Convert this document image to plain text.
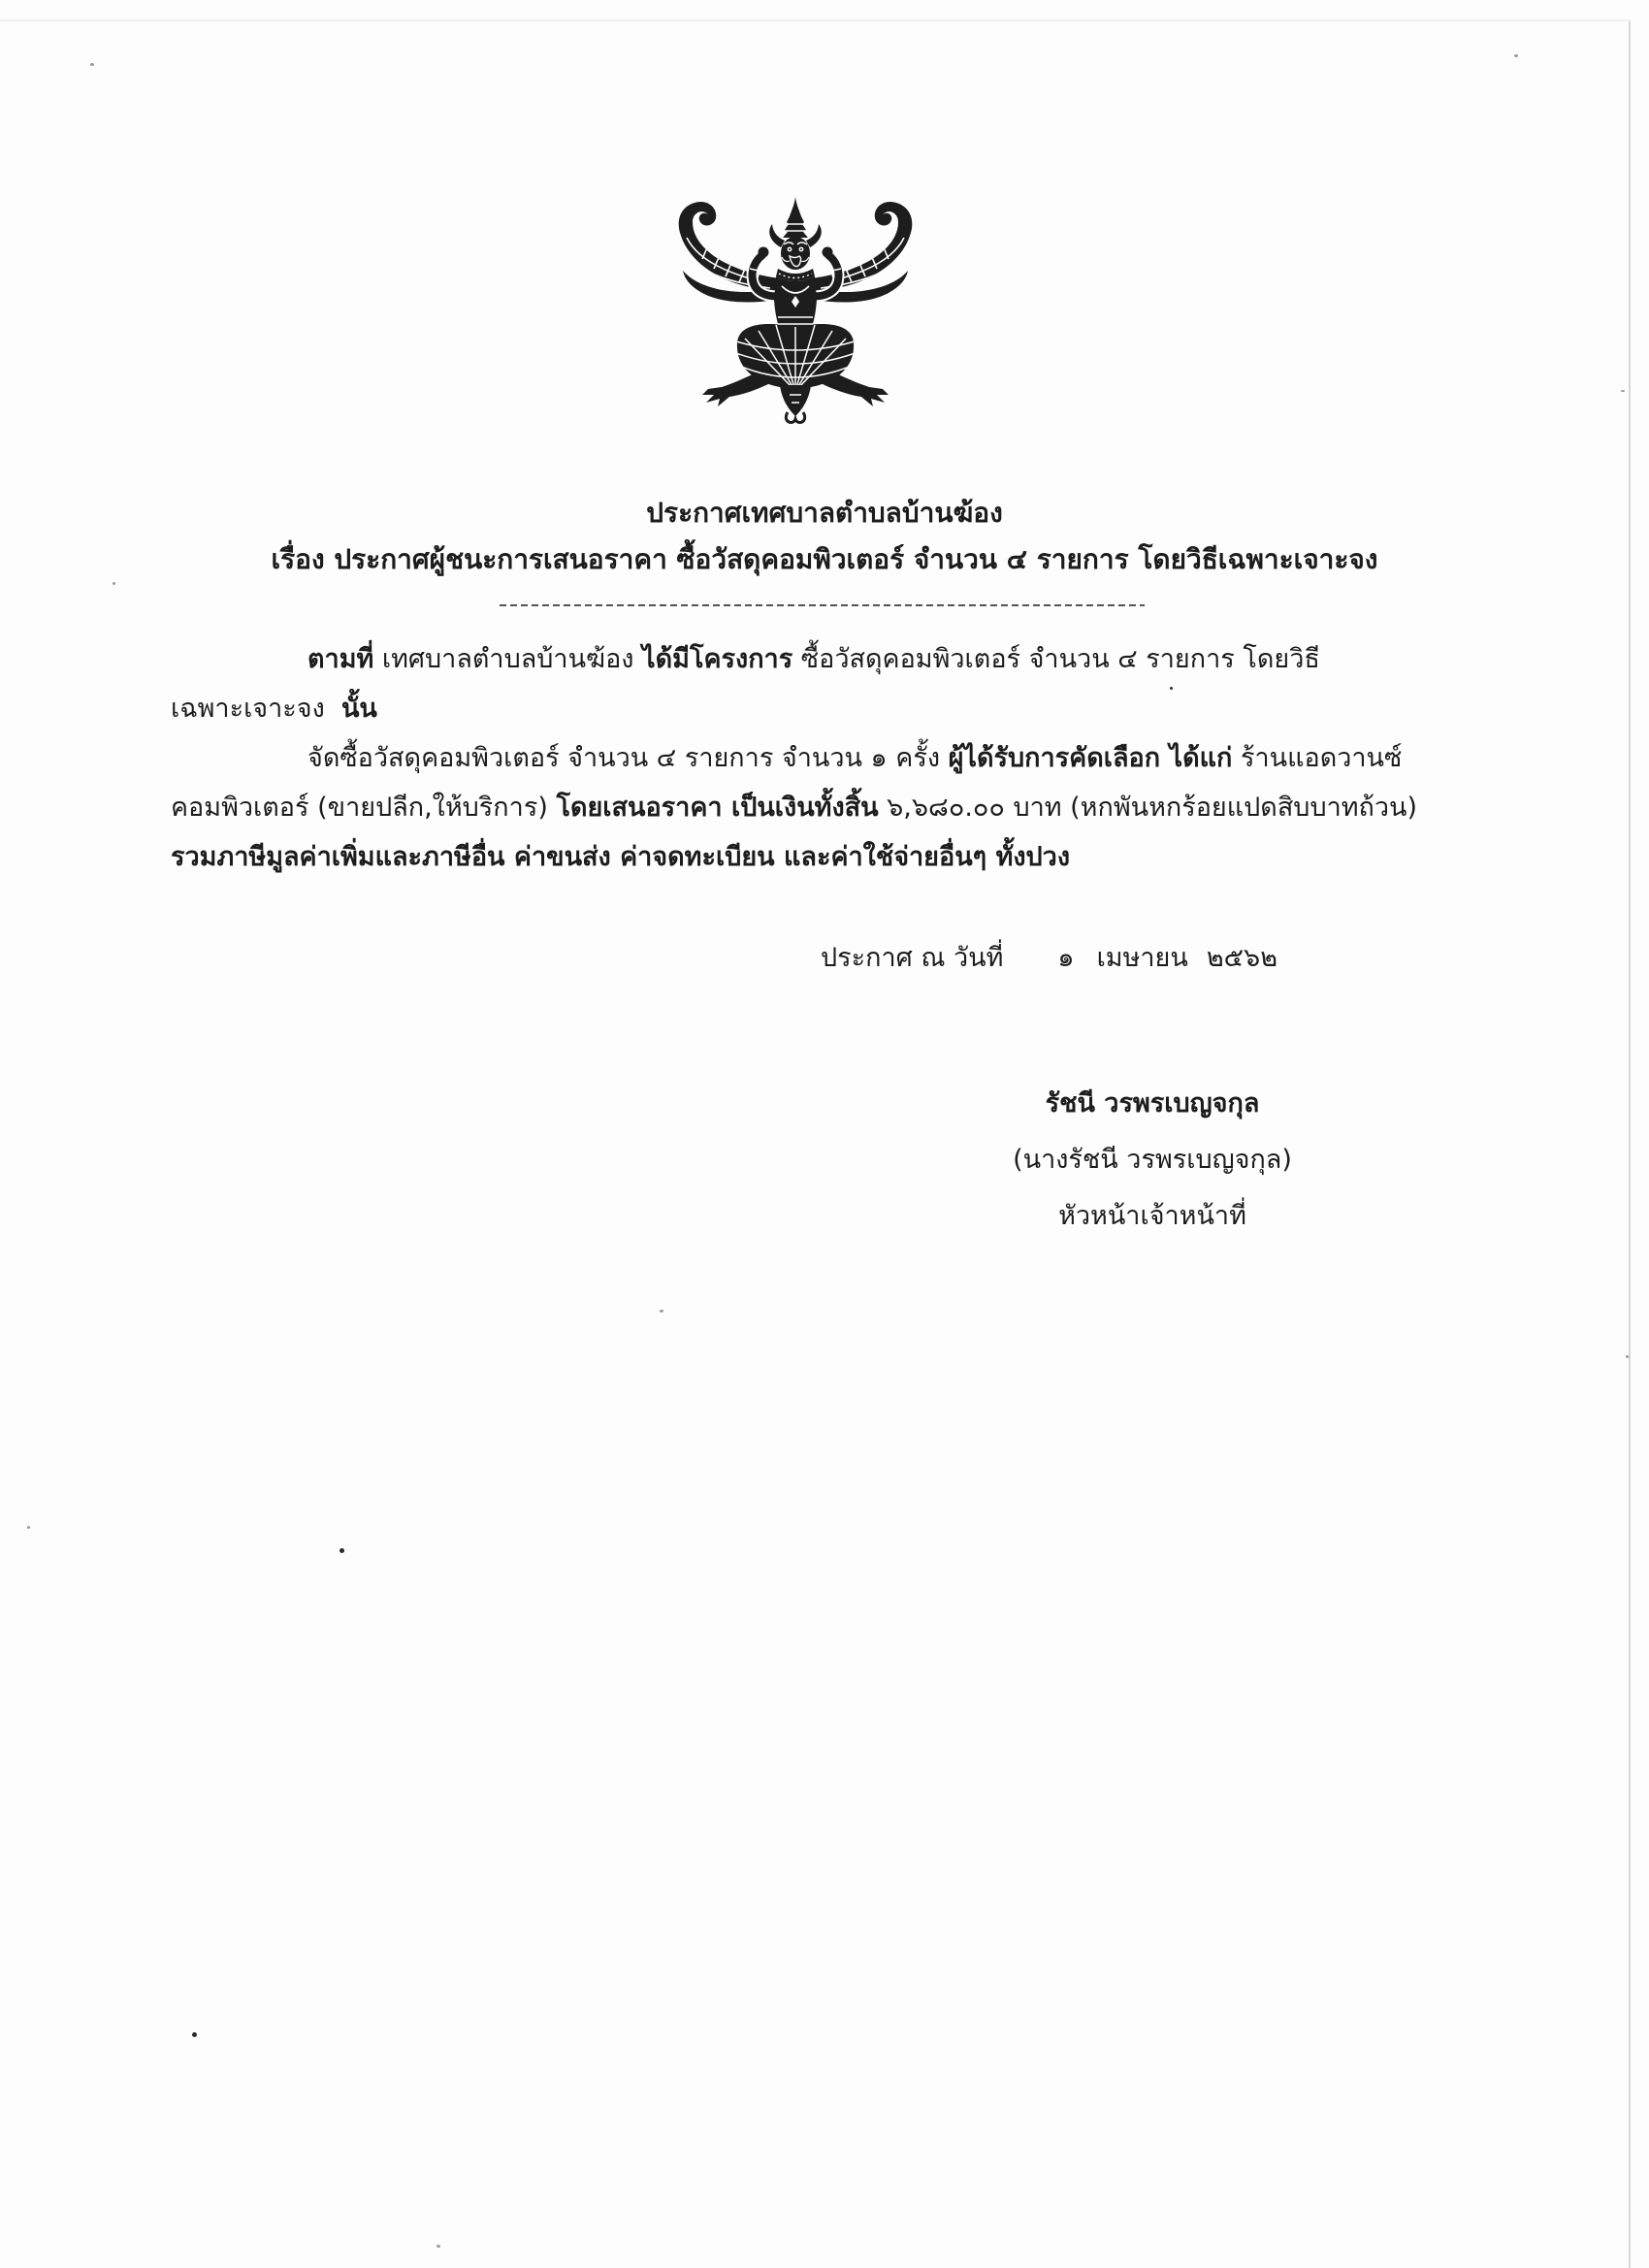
ประกาศเทศบาลตำบลบ้านฆ้อง
เรื่อง ประกาศผู้ชนะการเสนอราคา ซื้อวัสดุคอมพิวเตอร์ จำนวน ๔ รายการ โดยวิธีเฉพาะเจาะจง
ตามที่ เทศบาลตำบลบ้านฆ้อง ได้มีโครงการ ซื้อวัสดุคอมพิวเตอร์ จำนวน ๔ รายการ โดยวิธี
เฉพาะเจาะจง  นั้น
จัดซื้อวัสดุคอมพิวเตอร์ จำนวน ๔ รายการ จำนวน ๑ ครั้ง ผู้ได้รับการคัดเลือก ได้แก่ ร้านแอดวานซ์
คอมพิวเตอร์ (ขายปลีก,ให้บริการ) โดยเสนอราคา เป็นเงินทั้งสิ้น ๖,๖๘๐.๐๐ บาท (หกพันหกร้อยแปดสิบบาทถ้วน)
รวมภาษีมูลค่าเพิ่มและภาษีอื่น ค่าขนส่ง ค่าจดทะเบียน และค่าใช้จ่ายอื่นๆ ทั้งปวง
ประกาศ ณ วันที่ ๑ เมษายน ๒๕๖๒
รัชนี วรพรเบญจกุล
(นางรัชนี วรพรเบญจกุล)
หัวหน้าเจ้าหน้าที่
